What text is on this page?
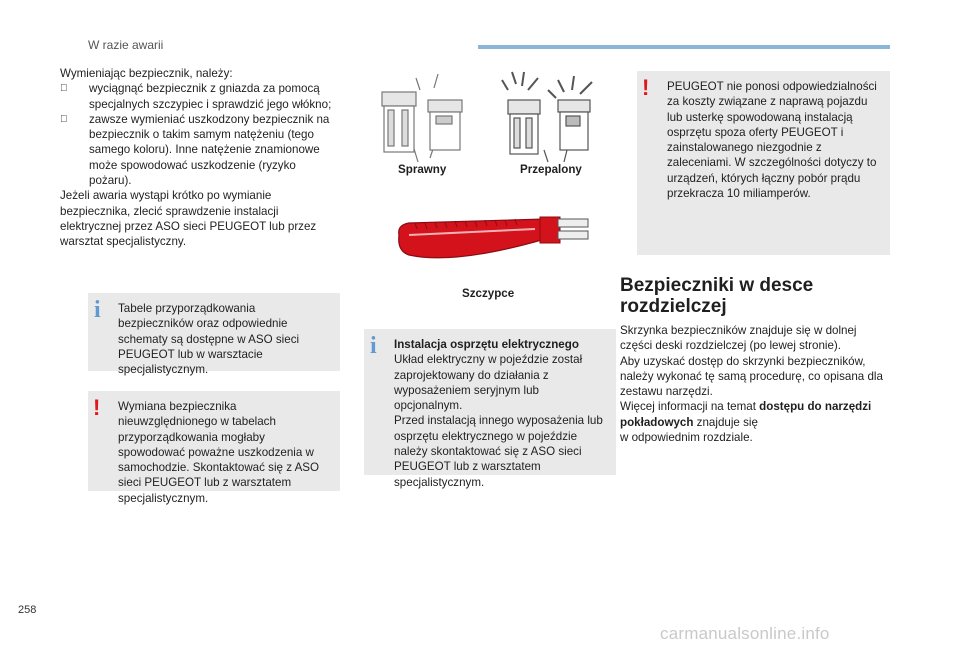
W razie awarii

Wymieniając bezpiecznik, należy:

wyciągnąć bezpiecznik z gniazda za pomocą specjalnych szczypiec i sprawdzić jego włókno;

zawsze wymieniać uszkodzony bezpiecznik na bezpiecznik o takim samym natężeniu (tego samego koloru). Inne natężenie znamionowe może spowodować uszkodzenie (ryzyko pożaru).

Jeżeli awaria wystąpi krótko po wymianie bezpiecznika, zlecić sprawdzenie instalacji elektrycznej przez ASO sieci PEUGEOT lub przez warsztat specjalistyczny.

i Tabele przyporządkowania bezpieczników oraz odpowiednie schematy są dostępne w ASO sieci PEUGEOT lub w warsztacie specjalistycznym.
! Wymiana bezpiecznika nieuwzględnionego w tabelach przyporządkowania mogłaby spowodować poważne uszkodzenia w samochodzie. Skontaktować się z ASO sieci PEUGEOT lub z warsztatem specjalistycznym.
Sprawny	Przepalony
Szczypce
i Instalacja osprzętu elektrycznego
Układ elektryczny w pojeździe został zaprojektowany do działania z wyposażeniem seryjnym lub opcjonalnym.
Przed instalacją innego wyposażenia lub osprzętu elektrycznego w pojeździe należy skontaktować się z ASO sieci PEUGEOT lub z warsztatem specjalistycznym.
! PEUGEOT nie ponosi odpowiedzialności za koszty związane z naprawą pojazdu lub usterkę spowodowaną instalacją osprzętu spoza oferty PEUGEOT i zainstalowanego niezgodnie z zaleceniami. W szczególności dotyczy to urządzeń, których łączny pobór prądu przekracza 10 miliamperów.
Bezpieczniki w desce rozdzielczej
Skrzynka bezpieczników znajduje się w dolnej części deski rozdzielczej (po lewej stronie).
Aby uzyskać dostęp do skrzynki bezpieczników, należy wykonać tę samą procedurę, co opisana dla zestawu narzędzi.
Więcej informacji na temat dostępu do narzędzi pokładowych znajduje się
w odpowiednim rozdziale.
258
carmanualsonline.info
